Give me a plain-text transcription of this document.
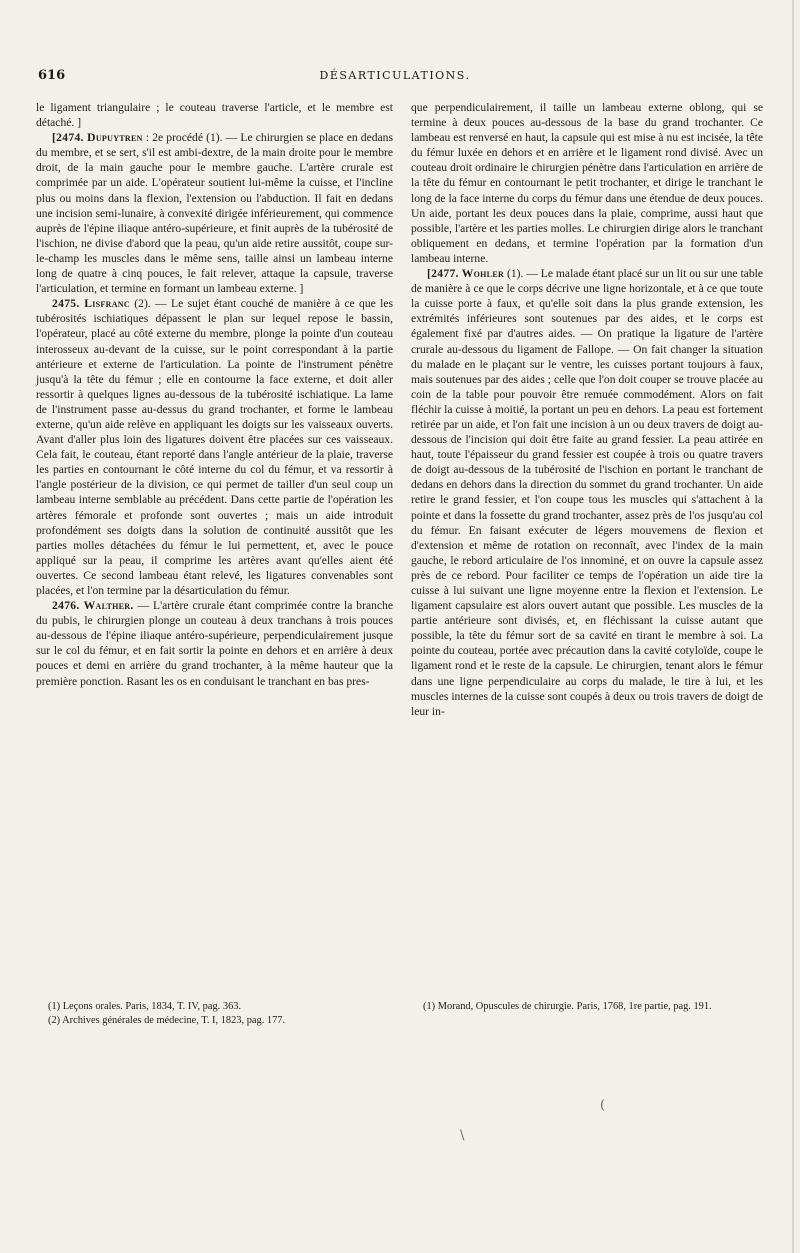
616	DÉSARTICULATIONS.

le ligament triangulaire ; le couteau traverse l'article, et le membre est détaché. ]

[2474. Dupuytren : 2e procédé (1). — Le chirurgien se place en dedans du membre, et se sert, s'il est ambi-dextre, de la main droite pour le membre droit, de la main gauche pour le membre gauche. L'artère crurale est comprimée par un aide. L'opérateur soutient lui-même la cuisse, et l'incline plus ou moins dans la flexion, l'extension ou l'abduction. Il fait en dedans une incision semi-lunaire, à convexité dirigée inférieurement, qui commence auprès de l'épine iliaque antéro-supérieure, et finit auprès de la tubérosité de l'ischion, ne divise d'abord que la peau, qu'un aide retire aussitôt, coupe sur-le-champ les muscles dans le même sens, taille ainsi un lambeau interne long de quatre à cinq pouces, le fait relever, attaque la capsule, traverse l'articulation, et termine en formant un lambeau externe. ]

2475. Lisfranc (2). — Le sujet étant couché de manière à ce que les tubérosités ischiatiques dépassent le plan sur lequel repose le bassin, l'opérateur, placé au côté externe du membre, plonge la pointe d'un couteau interosseux au-devant de la cuisse, sur le point correspondant à la partie antérieure et externe de l'articulation. La pointe de l'instrument pénètre jusqu'à la tête du fémur ; elle en contourne la face externe, et doit aller ressortir à quelques lignes au-dessous de la tubérosité ischiatique. La lame de l'instrument passe au-dessus du grand trochanter, et forme le lambeau externe, qu'un aide relève en appliquant les doigts sur les vaisseaux ouverts. Avant d'aller plus loin des ligatures doivent être placées sur ces vaisseaux. Cela fait, le couteau, étant reporté dans l'angle antérieur de la plaie, traverse les parties en contournant le côté interne du col du fémur, et va ressortir à l'angle postérieur de la division, ce qui permet de tailler d'un seul coup un lambeau interne semblable au précédent. Dans cette partie de l'opération les artères fémorale et profonde sont ouvertes ; mais un aide introduit profondément ses doigts dans la solution de continuité aussitôt que les parties molles détachées du fémur le lui permettent, et, avec le pouce appliqué sur la peau, il comprime les artères avant qu'elles aient été ouvertes. Ce second lambeau étant relevé, les ligatures convenables sont placées, et l'on termine par la désarticulation du fémur.

2476. Walther. — L'artère crurale étant comprimée contre la branche du pubis, le chirurgien plonge un couteau à deux tranchans à trois pouces au-dessous de l'épine iliaque antéro-supérieure, perpendiculairement jusque sur le col du fémur, et en fait sortir la pointe en dehors et en arrière à deux pouces et demi en arrière du grand trochanter, à la même hauteur que la première ponction. Rasant les os en conduisant le tranchant en bas pres-

que perpendiculairement, il taille un lambeau externe oblong, qui se termine à deux pouces au-dessous de la base du grand trochanter. Ce lambeau est renversé en haut, la capsule qui est mise à nu est incisée, la tête du fémur luxée en dehors et en arrière et le ligament rond divisé. Avec un couteau droit ordinaire le chirurgien pénètre dans l'articulation en arrière de la tête du fémur en contournant le petit trochanter, et dirige le tranchant le long de la face interne du corps du fémur dans une étendue de deux pouces. Un aide, portant les deux pouces dans la plaie, comprime, aussi haut que possible, l'artère et les parties molles. Le chirurgien dirige alors le tranchant obliquement en dedans, et termine l'opération par la formation d'un lambeau interne.

[2477. Wohler (1). — Le malade étant placé sur un lit ou sur une table de manière à ce que le corps décrive une ligne horizontale, et à ce que toute la cuisse porte à faux, et qu'elle soit dans la plus grande extension, les extrémités inférieures sont soutenues par des aides, et le corps est également fixé par d'autres aides. — On pratique la ligature de l'artère crurale au-dessous du ligament de Fallope. — On fait changer la situation du malade en le plaçant sur le ventre, les cuisses portant toujours à faux, mais soutenues par des aides ; celle que l'on doit couper se trouve placée au coin de la table pour pouvoir être remuée commodément. Alors on fait fléchir la cuisse à moitié, la portant un peu en dehors. La peau est fortement retirée par un aide, et l'on fait une incision à un ou deux travers de doigt au-dessous de l'incision qui doit être faite au grand fessier. La peau attirée en haut, toute l'épaisseur du grand fessier est coupée à trois ou quatre travers de doigt au-dessous de la tubérosité de l'ischion en portant le tranchant de dedans en dehors dans la direction du sommet du grand trochanter. Un aide retire le grand fessier, et l'on coupe tous les muscles qui s'attachent à la pointe et dans la fossette du grand trochanter, assez près de l'os jusqu'au col du fémur. En faisant exécuter de légers mouvemens de flexion et d'extension et même de rotation on reconnaît, avec l'index de la main gauche, le rebord articulaire de l'os innominé, et on ouvre la capsule assez près de ce rebord. Pour faciliter ce temps de l'opération un aide tire la cuisse à lui suivant une ligne moyenne entre la flexion et l'extension. Le ligament capsulaire est alors ouvert autant que possible. Les muscles de la partie antérieure sont divisés, et, en fléchissant la cuisse autant que possible, la tête du fémur sort de sa cavité en tirant le membre à soi. La pointe du couteau, portée avec précaution dans la cavité cotyloïde, coupe le ligament rond et le reste de la capsule. Le chirurgien, tenant alors le fémur dans une ligne perpendiculaire au corps du malade, le tire à lui, et les muscles internes de la cuisse sont coupés à deux ou trois travers de doigt de leur in-

(1) Leçons orales. Paris, 1834, T. IV, pag. 363.

(2) Archives générales de médecine, T. I, 1823, pag. 177.

(1) Morand, Opuscules de chirurgie. Paris, 1768, 1re partie, pag. 191.

(
\
